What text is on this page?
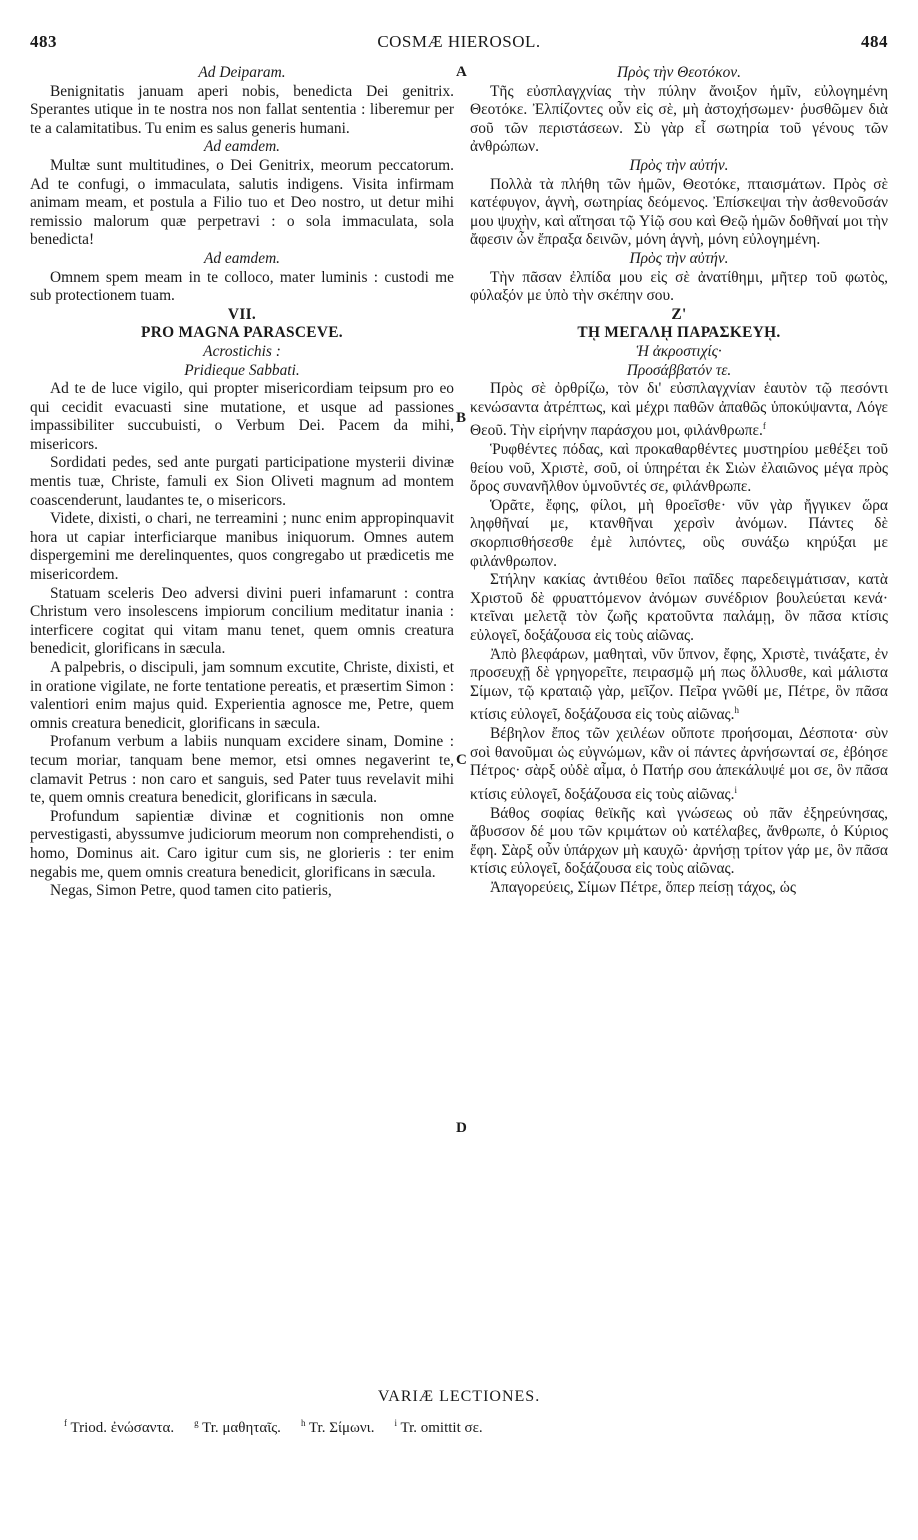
483	COSMÆ HIEROSOL.	484

Ad Deiparam.

Benignitatis januam aperi nobis, benedicta Dei genitrix. Sperantes utique in te nostra nos non fallat sententia : liberemur per te a calamitatibus. Tu enim es salus generis humani.

Ad eamdem.

Multæ sunt multitudines, o Dei Genitrix, meorum peccatorum. Ad te confugi, o immaculata, salutis indigens. Visita infirmam animam meam, et postula a Filio tuo et Deo nostro, ut detur mihi remissio malorum quæ perpetravi : o sola immaculata, sola benedicta!

Ad eamdem.

Omnem spem meam in te colloco, mater luminis : custodi me sub protectionem tuam.

VII.

PRO MAGNA PARASCEVE.

Acrostichis :

Pridieque Sabbati.

Ad te de luce vigilo, qui propter misericordiam teipsum pro eo qui cecidit evacuasti sine mutatione, et usque ad passiones impassibiliter succubuisti, o Verbum Dei. Pacem da mihi, misericors.

Sordidati pedes, sed ante purgati participatione mysterii divinæ mentis tuæ, Christe, famuli ex Sion Oliveti magnum ad montem coascenderunt, laudantes te, o misericors.

Videte, dixisti, o chari, ne terreamini ; nunc enim appropinquavit hora ut capiar interficiarque manibus iniquorum. Omnes autem dispergemini me derelinquentes, quos congregabo ut prædicetis me misericordem.

Statuam sceleris Deo adversi divini pueri infamarunt : contra Christum vero insolescens impiorum concilium meditatur inania : interficere cogitat qui vitam manu tenet, quem omnis creatura benedicit, glorificans in sæcula.

A palpebris, o discipuli, jam somnum excutite, Christe, dixisti, et in oratione vigilate, ne forte tentatione pereatis, et præsertim Simon : valentiori enim majus quid. Experientia agnosce me, Petre, quem omnis creatura benedicit, glorificans in sæcula.

Profanum verbum a labiis nunquam excidere sinam, Domine : tecum moriar, tanquam bene memor, etsi omnes negaverint te, clamavit Petrus : non caro et sanguis, sed Pater tuus revelavit mihi te, quem omnis creatura benedicit, glorificans in sæcula.

Profundum sapientiæ divinæ et cognitionis non omne pervestigasti, abyssumve judiciorum meorum non comprehendisti, o homo, Dominus ait. Caro igitur cum sis, ne glorieris : ter enim negabis me, quem omnis creatura benedicit, glorificans in sæcula.

Negas, Simon Petre, quod tamen cito patieris,

Πρὸς τὴν Θεοτόκον.

Τῆς εὐσπλαγχνίας τὴν πύλην ἄνοιξον ἡμῖν, εὐλογημένη Θεοτόκε. Ἐλπίζοντες οὖν εἰς σὲ, μὴ ἀστοχήσωμεν· ῥυσθῶμεν διὰ σοῦ τῶν περιστάσεων. Σὺ γὰρ εἶ σωτηρία τοῦ γένους τῶν ἀνθρώπων.

Πρὸς τὴν αὐτήν.

Πολλὰ τὰ πλήθη τῶν ἡμῶν, Θεοτόκε, πταισμάτων. Πρὸς σὲ κατέφυγον, ἁγνὴ, σωτηρίας δεόμενος. Ἐπίσκεψαι τὴν ἀσθενοῦσάν μου ψυχὴν, καὶ αἴτησαι τῷ Υἱῷ σου καὶ Θεῷ ἡμῶν δοθῆναί μοι τὴν ἄφεσιν ὧν ἔπραξα δεινῶν, μόνη ἁγνὴ, μόνη εὐλογημένη.

Πρὸς τὴν αὐτήν.

Τὴν πᾶσαν ἐλπίδα μου εἰς σὲ ἀνατίθημι, μῆτερ τοῦ φωτὸς, φύλαξόν με ὑπὸ τὴν σκέπην σου.

Ζ'

Τῌ ΜΕΓΑΛῌ ΠΑΡΑΣΚΕΥῌ.

Ἡ ἀκροστιχίς·

Προσάββατόν τε.

Πρὸς σὲ ὀρθρίζω, τὸν δι' εὐσπλαγχνίαν ἑαυτὸν τῷ πεσόντι κενώσαντα ἀτρέπτως, καὶ μέχρι παθῶν ἀπαθῶς ὑποκύψαντα, Λόγε Θεοῦ. Τὴν εἰρήνην παράσχου μοι, φιλάνθρωπε.$^f$

Ῥυφθέντες πόδας, καὶ προκαθαρθέντες μυστηρίου μεθέξει τοῦ θείου νοῦ, Χριστὲ, σοῦ, οἱ ὑπηρέται ἐκ Σιὼν ἐλαιῶνος μέγα πρὸς ὄρος συνανῆλθον ὑμνοῦντές σε, φιλάνθρωπε.

Ὁρᾶτε, ἔφης, φίλοι, μὴ θροεῖσθε· νῦν γὰρ ἤγγικεν ὥρα ληφθῆναί με, κτανθῆναι χερσὶν ἀνόμων. Πάντες δὲ σκορπισθήσεσθε ἐμὲ λιπόντες, οὓς συνάξω κηρύξαι με φιλάνθρωπον.

Στήλην κακίας ἀντιθέου θεῖοι παῖδες παρεδειγμάτισαν, κατὰ Χριστοῦ δὲ φρυαττόμενον ἀνόμων συνέδριον βουλεύεται κενά· κτεῖναι μελετᾷ τὸν ζωῆς κρατοῦντα παλάμῃ, ὃν πᾶσα κτίσις εὐλογεῖ, δοξάζουσα εἰς τοὺς αἰῶνας.

Ἀπὸ βλεφάρων, μαθηταὶ, νῦν ὕπνον, ἔφης, Χριστὲ, τινάξατε, ἐν προσευχῇ δὲ γρηγορεῖτε, πειρασμῷ μή πως ὄλλυσθε, καὶ μάλιστα Σίμων, τῷ κραταιῷ γὰρ, μεῖζον. Πεῖρα γνῶθί με, Πέτρε, ὃν πᾶσα κτίσις εὐλογεῖ, δοξάζουσα εἰς τοὺς αἰῶνας.$^h$

Βέβηλον ἔπος τῶν χειλέων οὔποτε προήσομαι, Δέσποτα· σὺν σοὶ θανοῦμαι ὡς εὐγνώμων, κἂν οἱ πάντες ἀρνήσωνταί σε, ἐβόησε Πέτρος· σὰρξ οὐδὲ αἷμα, ὁ Πατήρ σου ἀπεκάλυψέ μοι σε, ὃν πᾶσα κτίσις εὐλογεῖ, δοξάζουσα εἰς τοὺς αἰῶνας.$^i$

Βάθος σοφίας θεϊκῆς καὶ γνώσεως οὐ πᾶν ἐξηρεύνησας, ἄβυσσον δέ μου τῶν κριμάτων οὐ κατέλαβες, ἄνθρωπε, ὁ Κύριος ἔφη. Σὰρξ οὖν ὑπάρχων μὴ καυχῶ· ἀρνήσῃ τρίτον γάρ με, ὃν πᾶσα κτίσις εὐλογεῖ, δοξάζουσα εἰς τοὺς αἰῶνας.

Ἀπαγορεύεις, Σίμων Πέτρε, ὅπερ πείσῃ τάχος, ὡς

A
B
C
D
VARIÆ LECTIONES.
$^f$ Triod. ἐνώσαντα. $^g$ Tr. μαθηταῖς. $^h$ Tr. Σίμωνι. $^i$ Tr. omittit σε.
